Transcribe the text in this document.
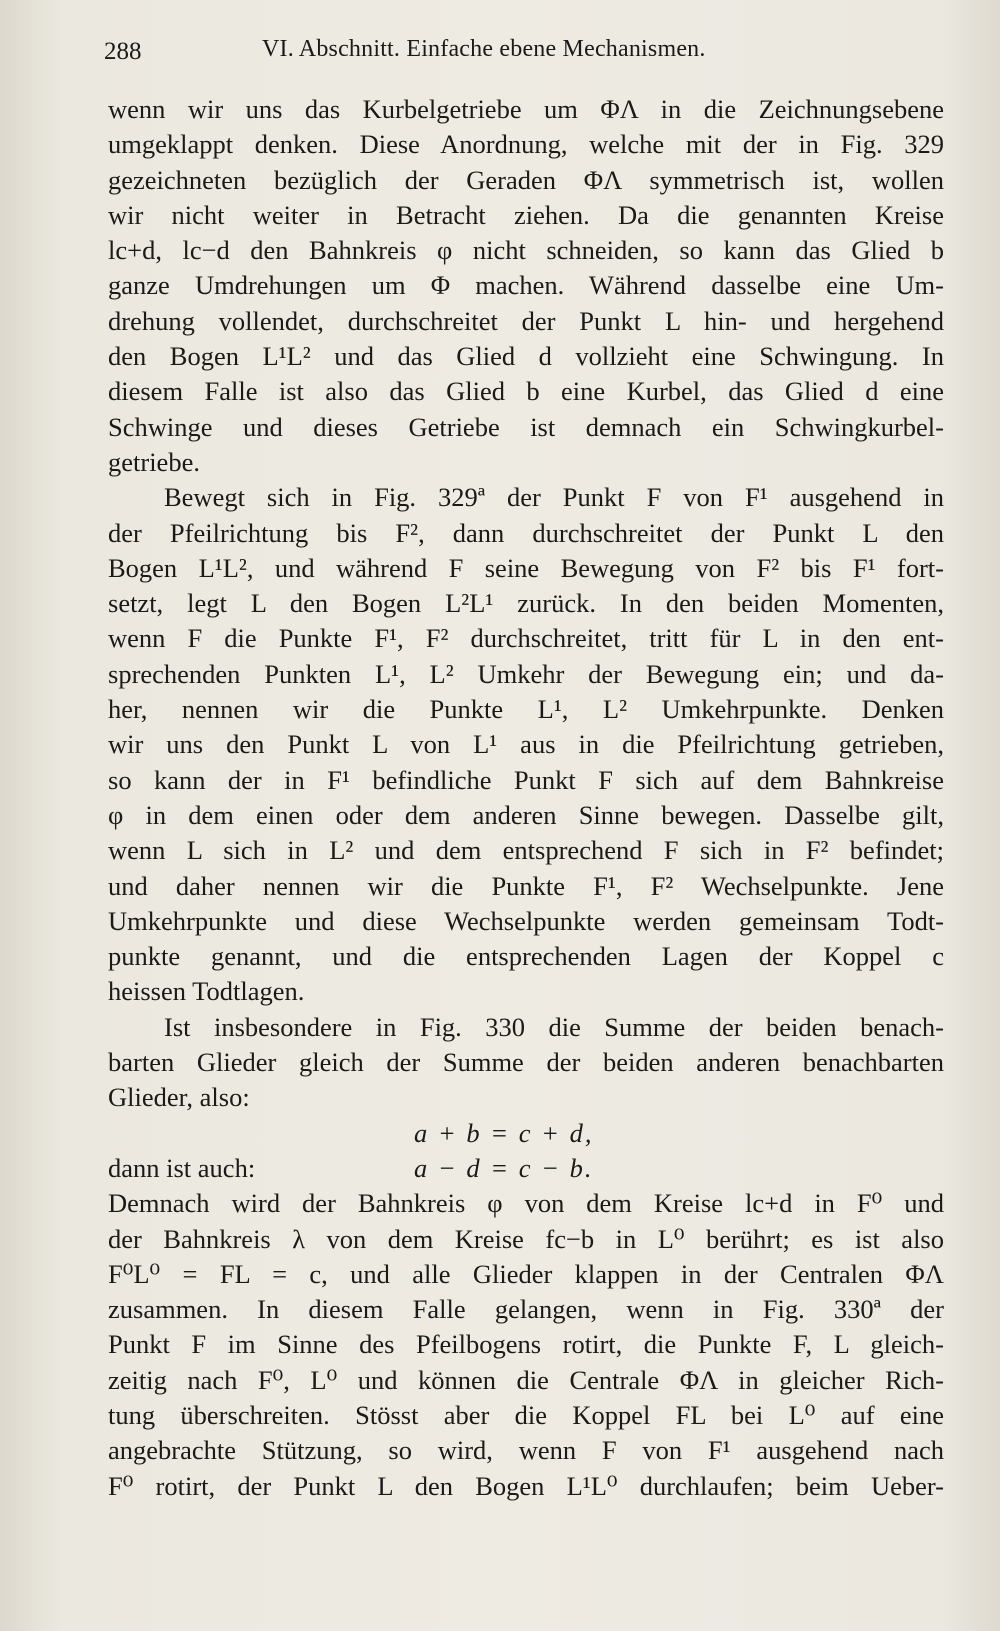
288	VI. Abschnitt. Einfache ebene Mechanismen.
wenn wir uns das Kurbelgetriebe um ΦΛ in die Zeichnungsebene
umgeklappt denken. Diese Anordnung, welche mit der in Fig. 329
gezeichneten bezüglich der Geraden ΦΛ symmetrisch ist, wollen
wir nicht weiter in Betracht ziehen. Da die genannten Kreise
lc+d, lc−d den Bahnkreis φ nicht schneiden, so kann das Glied b
ganze Umdrehungen um Φ machen. Während dasselbe eine Um-
drehung vollendet, durchschreitet der Punkt L hin- und hergehend
den Bogen L¹L² und das Glied d vollzieht eine Schwingung. In
diesem Falle ist also das Glied b eine Kurbel, das Glied d eine
Schwinge und dieses Getriebe ist demnach ein Schwingkurbel-
getriebe.
Bewegt sich in Fig. 329ª der Punkt F von F¹ ausgehend in
der Pfeilrichtung bis F², dann durchschreitet der Punkt L den
Bogen L¹L², und während F seine Bewegung von F² bis F¹ fort-
setzt, legt L den Bogen L²L¹ zurück. In den beiden Momenten,
wenn F die Punkte F¹, F² durchschreitet, tritt für L in den ent-
sprechenden Punkten L¹, L² Umkehr der Bewegung ein; und da-
her, nennen wir die Punkte L¹, L² Umkehrpunkte. Denken
wir uns den Punkt L von L¹ aus in die Pfeilrichtung getrieben,
so kann der in F¹ befindliche Punkt F sich auf dem Bahnkreise
φ in dem einen oder dem anderen Sinne bewegen. Dasselbe gilt,
wenn L sich in L² und dem entsprechend F sich in F² befindet;
und daher nennen wir die Punkte F¹, F² Wechselpunkte. Jene
Umkehrpunkte und diese Wechselpunkte werden gemeinsam Todt-
punkte genannt, und die entsprechenden Lagen der Koppel c
heissen Todtlagen.
Ist insbesondere in Fig. 330 die Summe der beiden benach-
barten Glieder gleich der Summe der beiden anderen benachbarten
Glieder, also:
a + b = c + d,
dann ist auch:	a − d = c − b.
Demnach wird der Bahnkreis φ von dem Kreise lc+d in F⁰ und
der Bahnkreis λ von dem Kreise fc−b in L⁰ berührt; es ist also
F⁰L⁰ = FL = c, und alle Glieder klappen in der Centralen ΦΛ
zusammen. In diesem Falle gelangen, wenn in Fig. 330ª der
Punkt F im Sinne des Pfeilbogens rotirt, die Punkte F, L gleich-
zeitig nach F⁰, L⁰ und können die Centrale ΦΛ in gleicher Rich-
tung überschreiten. Stösst aber die Koppel FL bei L⁰ auf eine
angebrachte Stützung, so wird, wenn F von F¹ ausgehend nach
F⁰ rotirt, der Punkt L den Bogen L¹L⁰ durchlaufen; beim Ueber-
